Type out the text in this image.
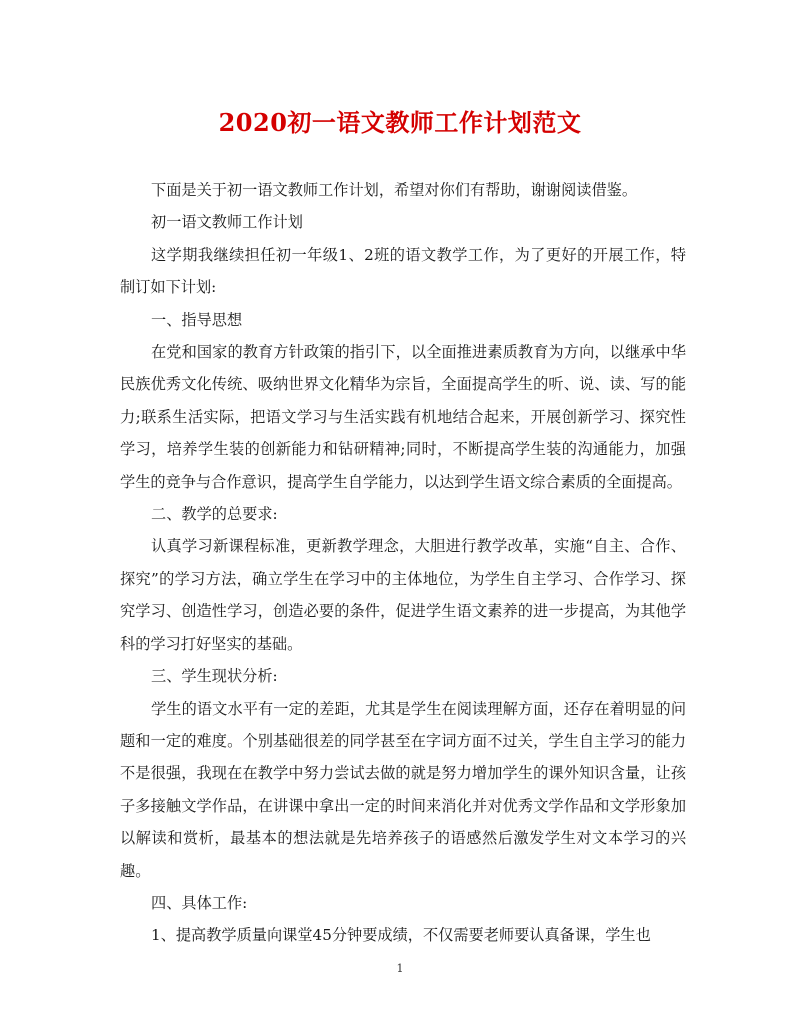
2020初一语文教师工作计划范文

下面是关于初一语文教师工作计划，希望对你们有帮助，谢谢阅读借鉴。

初一语文教师工作计划

这学期我继续担任初一年级1、2班的语文教学工作，为了更好的开展工作，特制订如下计划:

一、指导思想

在党和国家的教育方针政策的指引下，以全面推进素质教育为方向，以继承中华民族优秀文化传统、吸纳世界文化精华为宗旨，全面提高学生的听、说、读、写的能力;联系生活实际，把语文学习与生活实践有机地结合起来，开展创新学习、探究性学习，培养学生装的创新能力和钻研精神;同时，不断提高学生装的沟通能力，加强学生的竞争与合作意识，提高学生自学能力，以达到学生语文综合素质的全面提高。

二、教学的总要求:

认真学习新课程标准，更新教学理念，大胆进行教学改革，实施“自主、合作、探究”的学习方法，确立学生在学习中的主体地位，为学生自主学习、合作学习、探究学习、创造性学习，创造必要的条件，促进学生语文素养的进一步提高，为其他学科的学习打好坚实的基础。

三、学生现状分析:

学生的语文水平有一定的差距，尤其是学生在阅读理解方面，还存在着明显的问题和一定的难度。个别基础很差的同学甚至在字词方面不过关，学生自主学习的能力不是很强，我现在在教学中努力尝试去做的就是努力增加学生的课外知识含量，让孩子多接触文学作品，在讲课中拿出一定的时间来消化并对优秀文学作品和文学形象加以解读和赏析，最基本的想法就是先培养孩子的语感然后激发学生对文本学习的兴趣。

四、具体工作:

1、提高教学质量向课堂45分钟要成绩，不仅需要老师要认真备课，学生也

1
